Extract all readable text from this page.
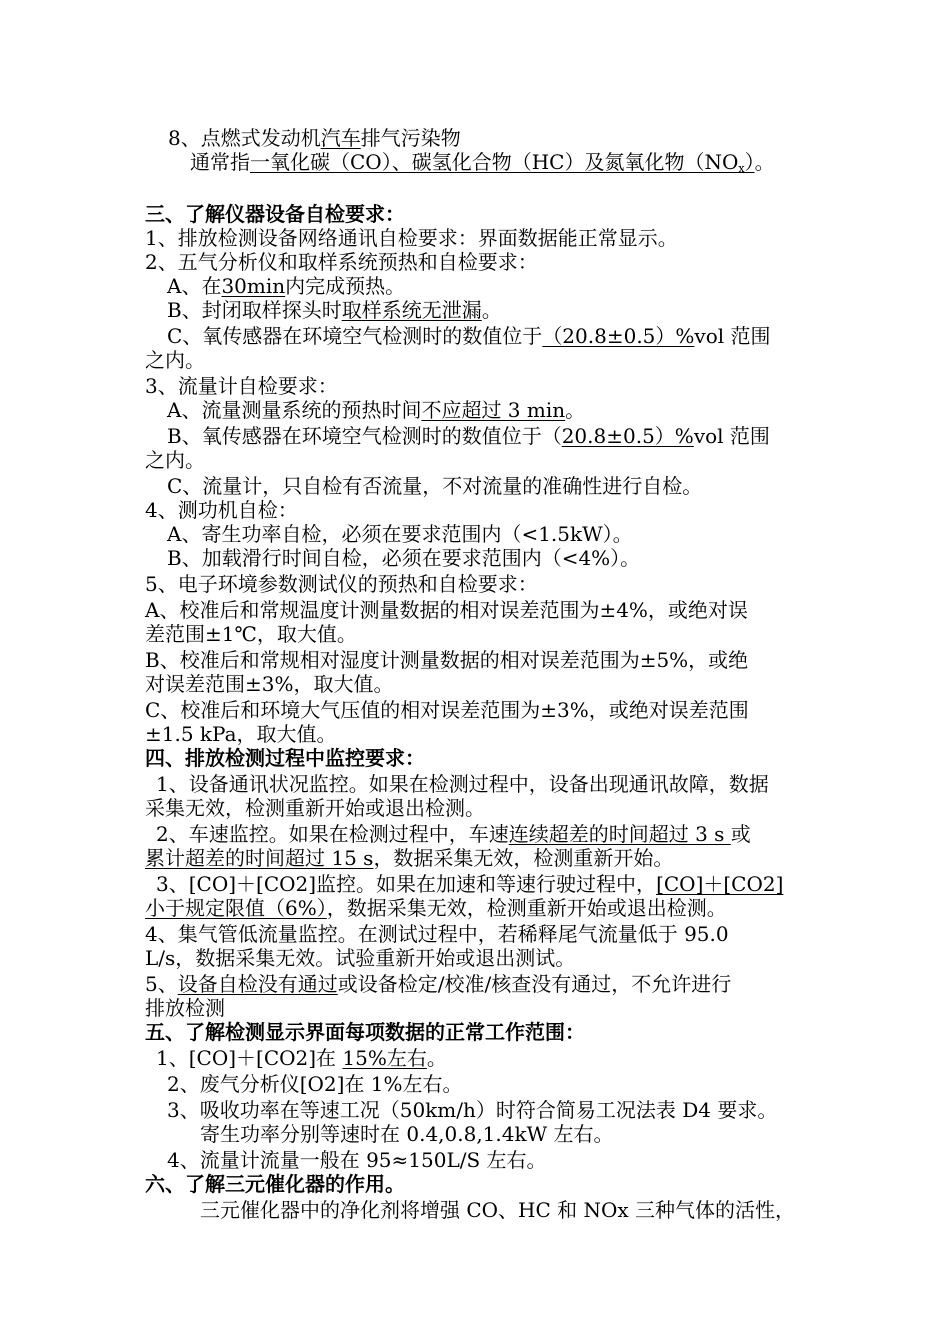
8、点燃式发动机汽车排气污染物
通常指一氧化碳（CO）、碳氢化合物（HC）及氮氧化物$(NO_x)$。
三、了解仪器设备自检要求：
1、排放检测设备网络通讯自检要求：界面数据能正常显示。
2、五气分析仪和取样系统预热和自检要求：
A、在30min内完成预热。
B、封闭取样探头时取样系统无泄漏。
C、氧传感器在环境空气检测时的数值位于（20.8±0.5）%vol 范围
之内。
3、流量计自检要求：
A、流量测量系统的预热时间不应超过 3 min。
B、氧传感器在环境空气检测时的数值位于（20.8±0.5）%vol 范围
之内。
C、流量计，只自检有否流量，不对流量的准确性进行自检。
4、测功机自检：
A、寄生功率自检，必须在要求范围内（<1.5kW）。
B、加载滑行时间自检，必须在要求范围内（<4%）。
5、电子环境参数测试仪的预热和自检要求：
A、校准后和常规温度计测量数据的相对误差范围为±4%，或绝对误
差范围±1℃，取大值。
B、校准后和常规相对湿度计测量数据的相对误差范围为±5%，或绝
对误差范围±3%，取大值。
C、校准后和环境大气压值的相对误差范围为±3%，或绝对误差范围
±1.5 kPa，取大值。
四、排放检测过程中监控要求：
1、设备通讯状况监控。如果在检测过程中，设备出现通讯故障，数据
采集无效，检测重新开始或退出检测。
2、车速监控。如果在检测过程中，车速连续超差的时间超过 3 s 或
累计超差的时间超过 15 s，数据采集无效，检测重新开始。
3、[CO]＋[CO2]监控。如果在加速和等速行驶过程中，[CO]＋[CO2]
小于规定限值（6%），数据采集无效，检测重新开始或退出检测。
4、集气管低流量监控。在测试过程中，若稀释尾气流量低于 95.0
L/s，数据采集无效。试验重新开始或退出测试。
5、设备自检没有通过或设备检定/校准/核查没有通过，不允许进行
排放检测
五、了解检测显示界面每项数据的正常工作范围：
1、[CO]＋[CO2]在 15%左右。
2、废气分析仪[O2]在 1%左右。
3、吸收功率在等速工况（50km/h）时符合简易工况法表 D4 要求。
寄生功率分别等速时在 0.4,0.8,1.4kW 左右。
4、流量计流量一般在 95≈150L/S 左右。
六、了解三元催化器的作用。
三元催化器中的净化剂将增强 CO、HC 和 NOx 三种气体的活性，
